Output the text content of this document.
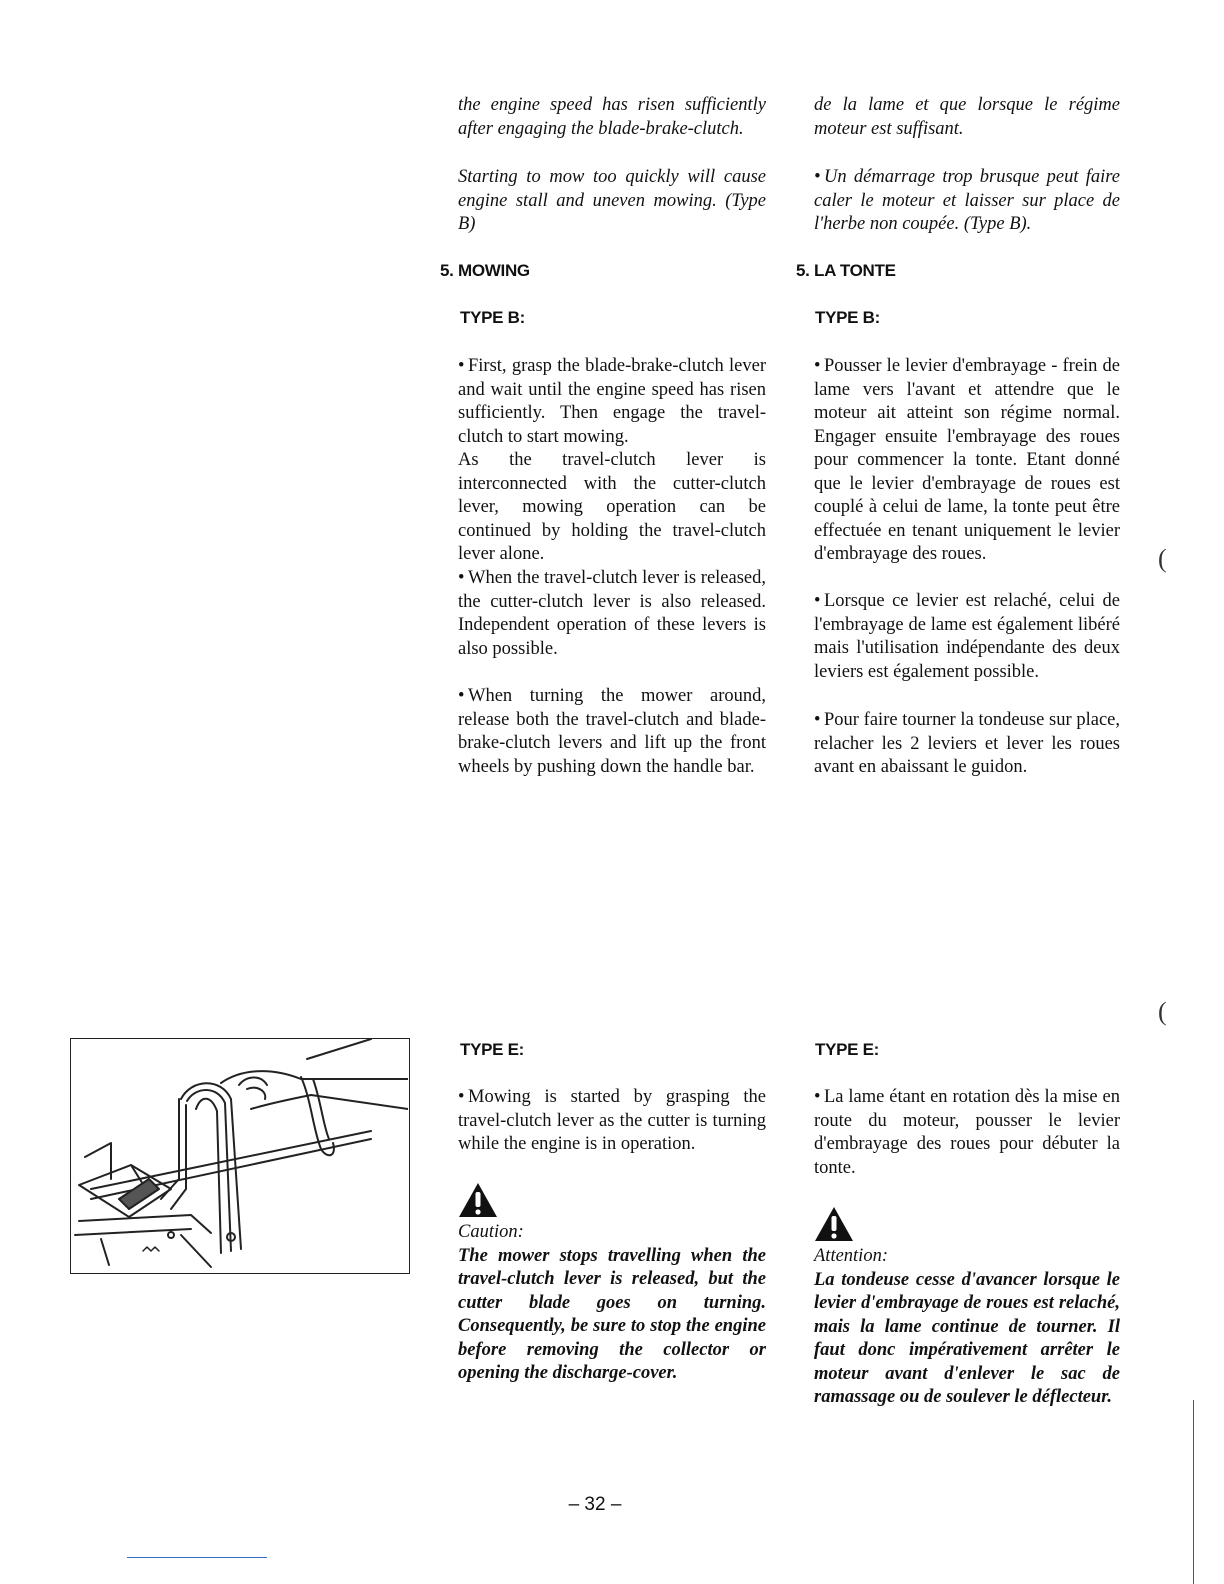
the engine speed has risen sufficiently after engaging the blade-brake-clutch.

Starting to mow too quickly will cause engine stall and uneven mowing. (Type B)

5. MOWING
TYPE B:

• First, grasp the blade-brake-clutch lever and wait until the engine speed has risen sufficiently. Then engage the travel-clutch to start mowing.

As the travel-clutch lever is interconnected with the cutter-clutch lever, mowing operation can be continued by holding the travel-clutch lever alone.

• When the travel-clutch lever is released, the cutter-clutch lever is also released. Independent operation of these levers is also possible.

• When turning the mower around, release both the travel-clutch and blade-brake-clutch levers and lift up the front wheels by pushing down the handle bar.

TYPE E:

• Mowing is started by grasping the travel-clutch lever as the cutter is turning while the engine is in operation.

Caution:

The mower stops travelling when the travel-clutch lever is released, but the cutter blade goes on turning. Consequently, be sure to stop the engine before removing the collector or opening the discharge-cover.

de la lame et que lorsque le régime moteur est suffisant.

• Un démarrage trop brusque peut faire caler le moteur et laisser sur place de l'herbe non coupée. (Type B).

5. LA TONTE
TYPE B:

• Pousser le levier d'embrayage - frein de lame vers l'avant et attendre que le moteur ait atteint son régime normal. Engager ensuite l'embrayage des roues pour commencer la tonte. Etant donné que le levier d'embrayage de roues est couplé à celui de lame, la tonte peut être effectuée en tenant uniquement le levier d'embrayage des roues.

• Lorsque ce levier est relaché, celui de l'embrayage de lame est également libéré mais l'utilisation indépendante des deux leviers est également possible.

• Pour faire tourner la tondeuse sur place, relacher les 2 leviers et lever les roues avant en abaissant le guidon.

TYPE E:

• La lame étant en rotation dès la mise en route du moteur, pousser le levier d'embrayage des roues pour débuter la tonte.

Attention:

La tondeuse cesse d'avancer lorsque le levier d'embrayage de roues est relaché, mais la lame continue de tourner. Il faut donc impérativement arrêter le moteur avant d'enlever le sac de ramassage ou de soulever le déflecteur.

– 32 –
(
(
